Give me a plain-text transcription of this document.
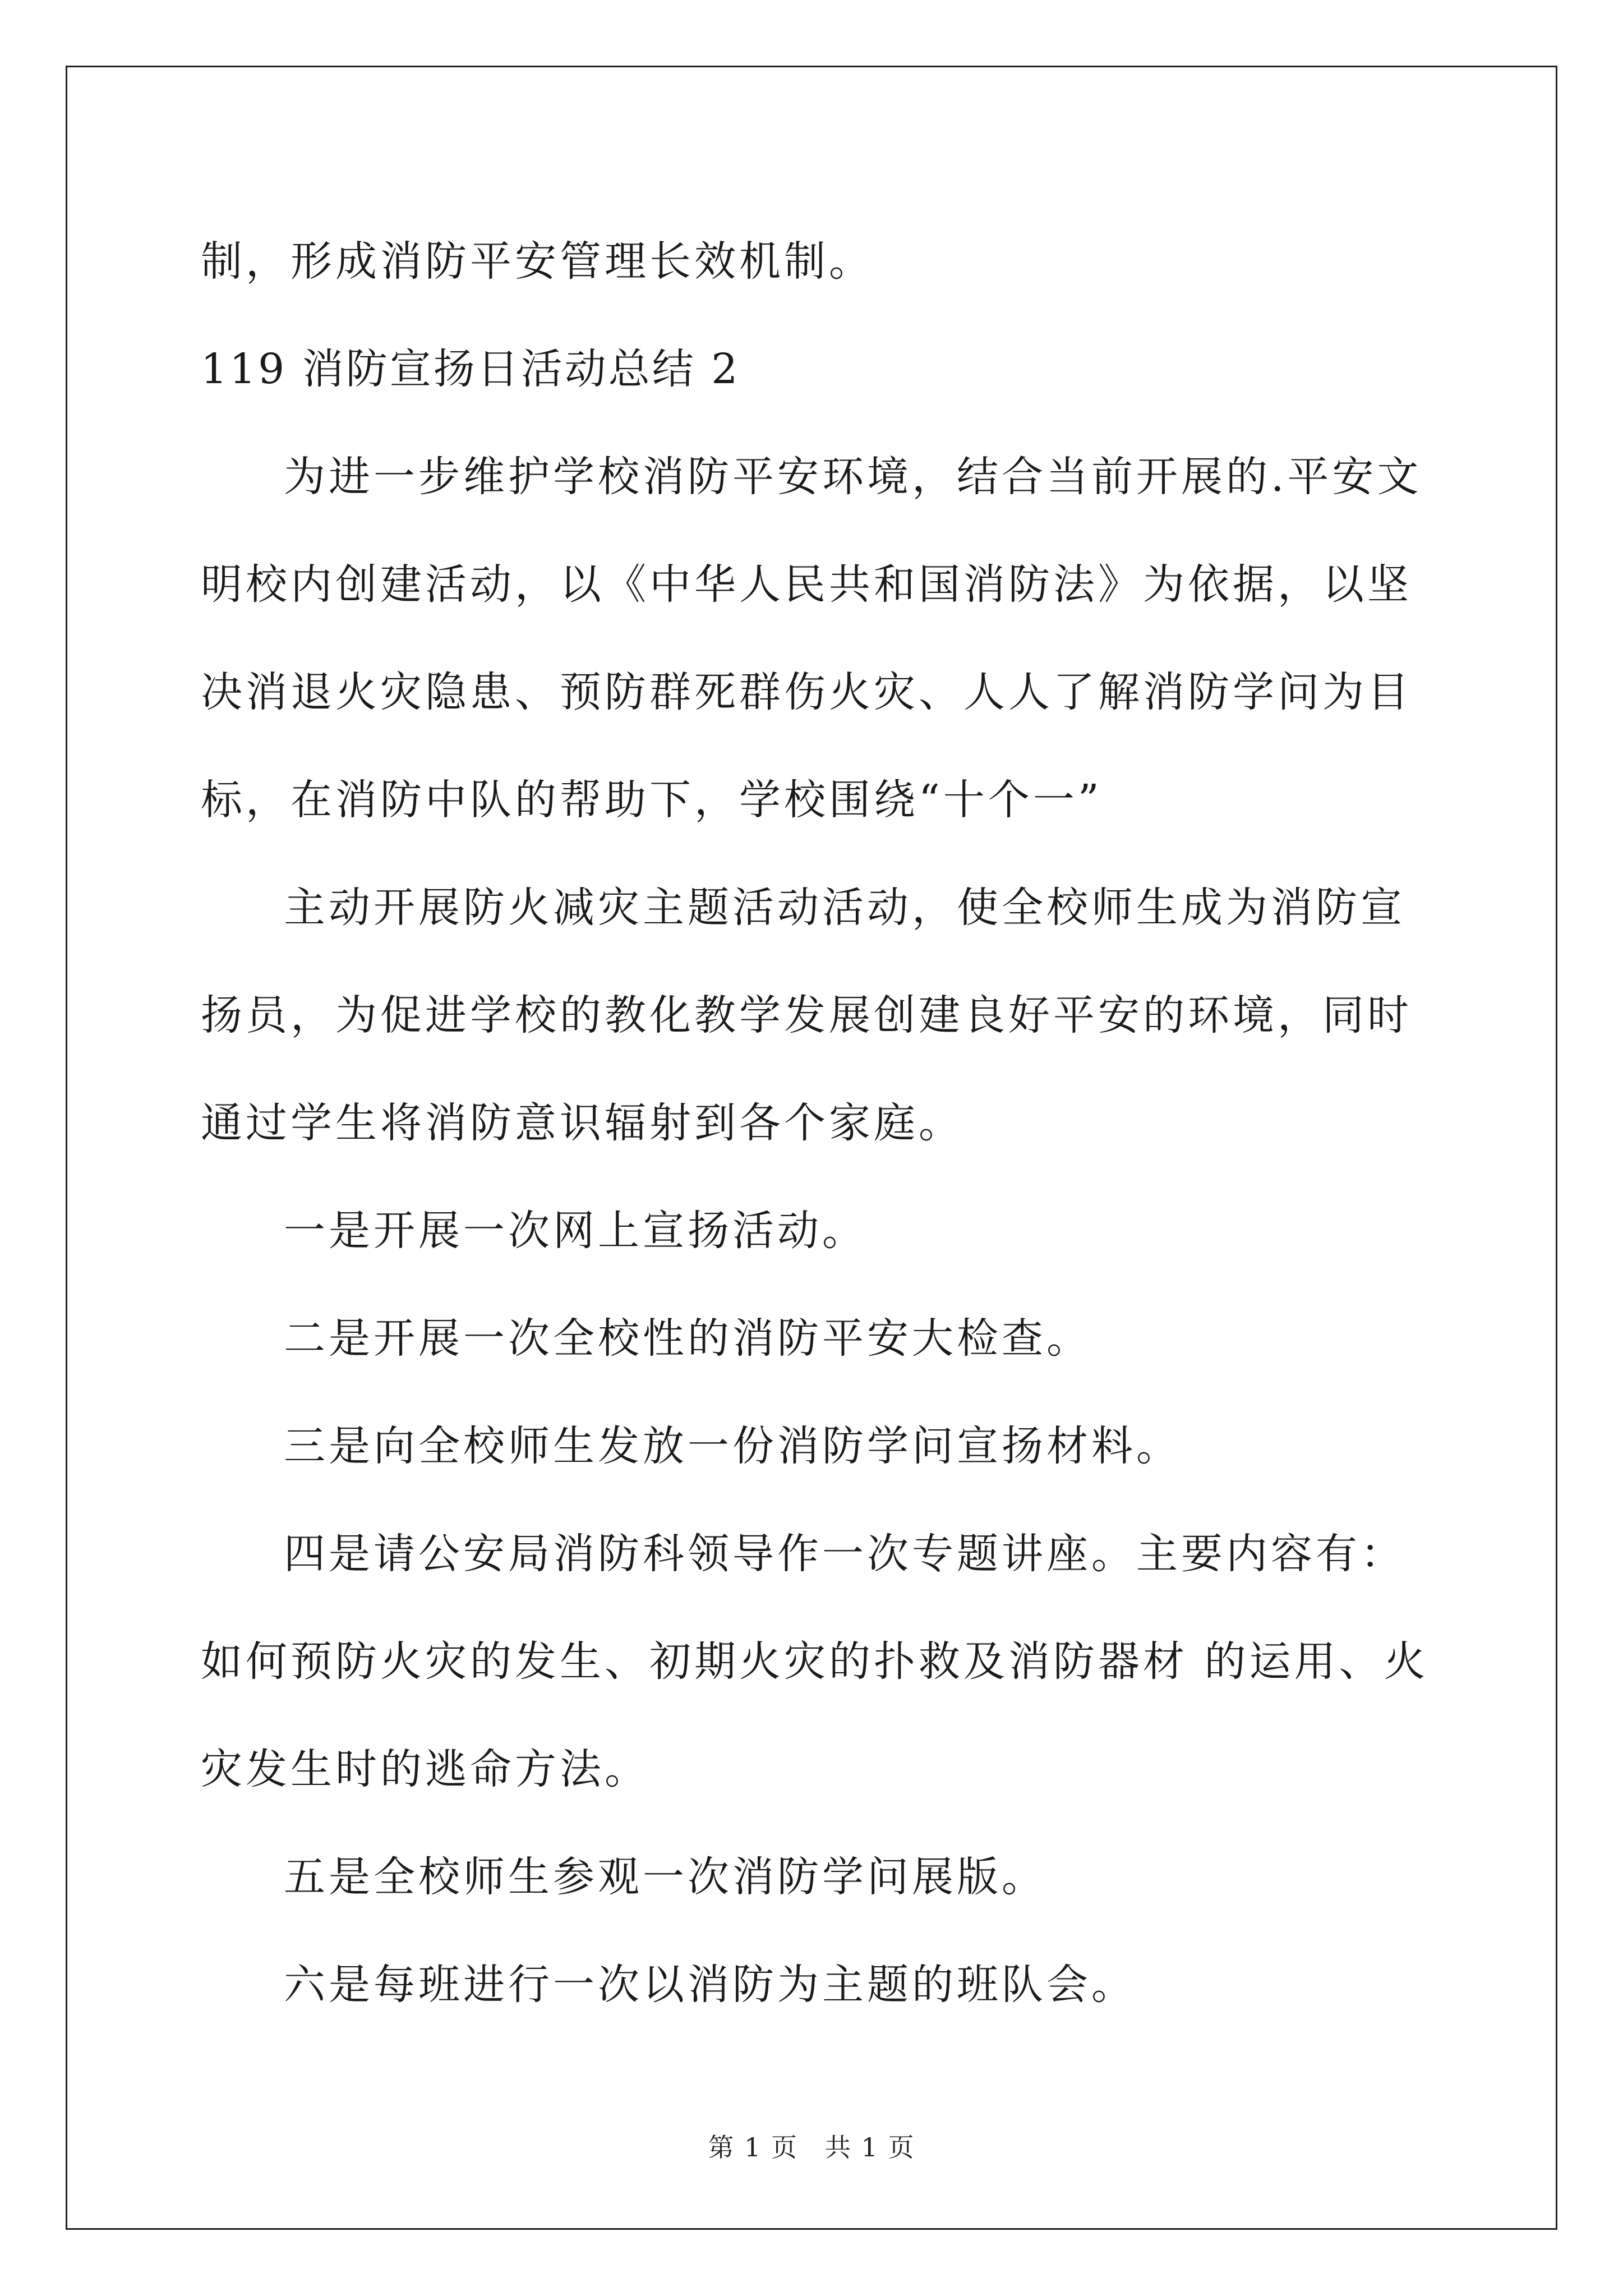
制，形成消防平安管理长效机制。

119 消防宣扬日活动总结 2

为进一步维护学校消防平安环境，结合当前开展的.平安文明校内创建活动，以《中华人民共和国消防法》为依据，以坚决消退火灾隐患、预防群死群伤火灾、人人了解消防学问为目标，在消防中队的帮助下，学校围绕“十个一”

主动开展防火减灾主题活动活动，使全校师生成为消防宣扬员，为促进学校的教化教学发展创建良好平安的环境，同时通过学生将消防意识辐射到各个家庭。

一是开展一次网上宣扬活动。

二是开展一次全校性的消防平安大检查。

三是向全校师生发放一份消防学问宣扬材料。

四是请公安局消防科领导作一次专题讲座。主要内容有：如何预防火灾的发生、初期火灾的扑救及消防器材 的运用、火灾发生时的逃命方法。

五是全校师生参观一次消防学问展版。

六是每班进行一次以消防为主题的班队会。

第 1 页　共 1 页
